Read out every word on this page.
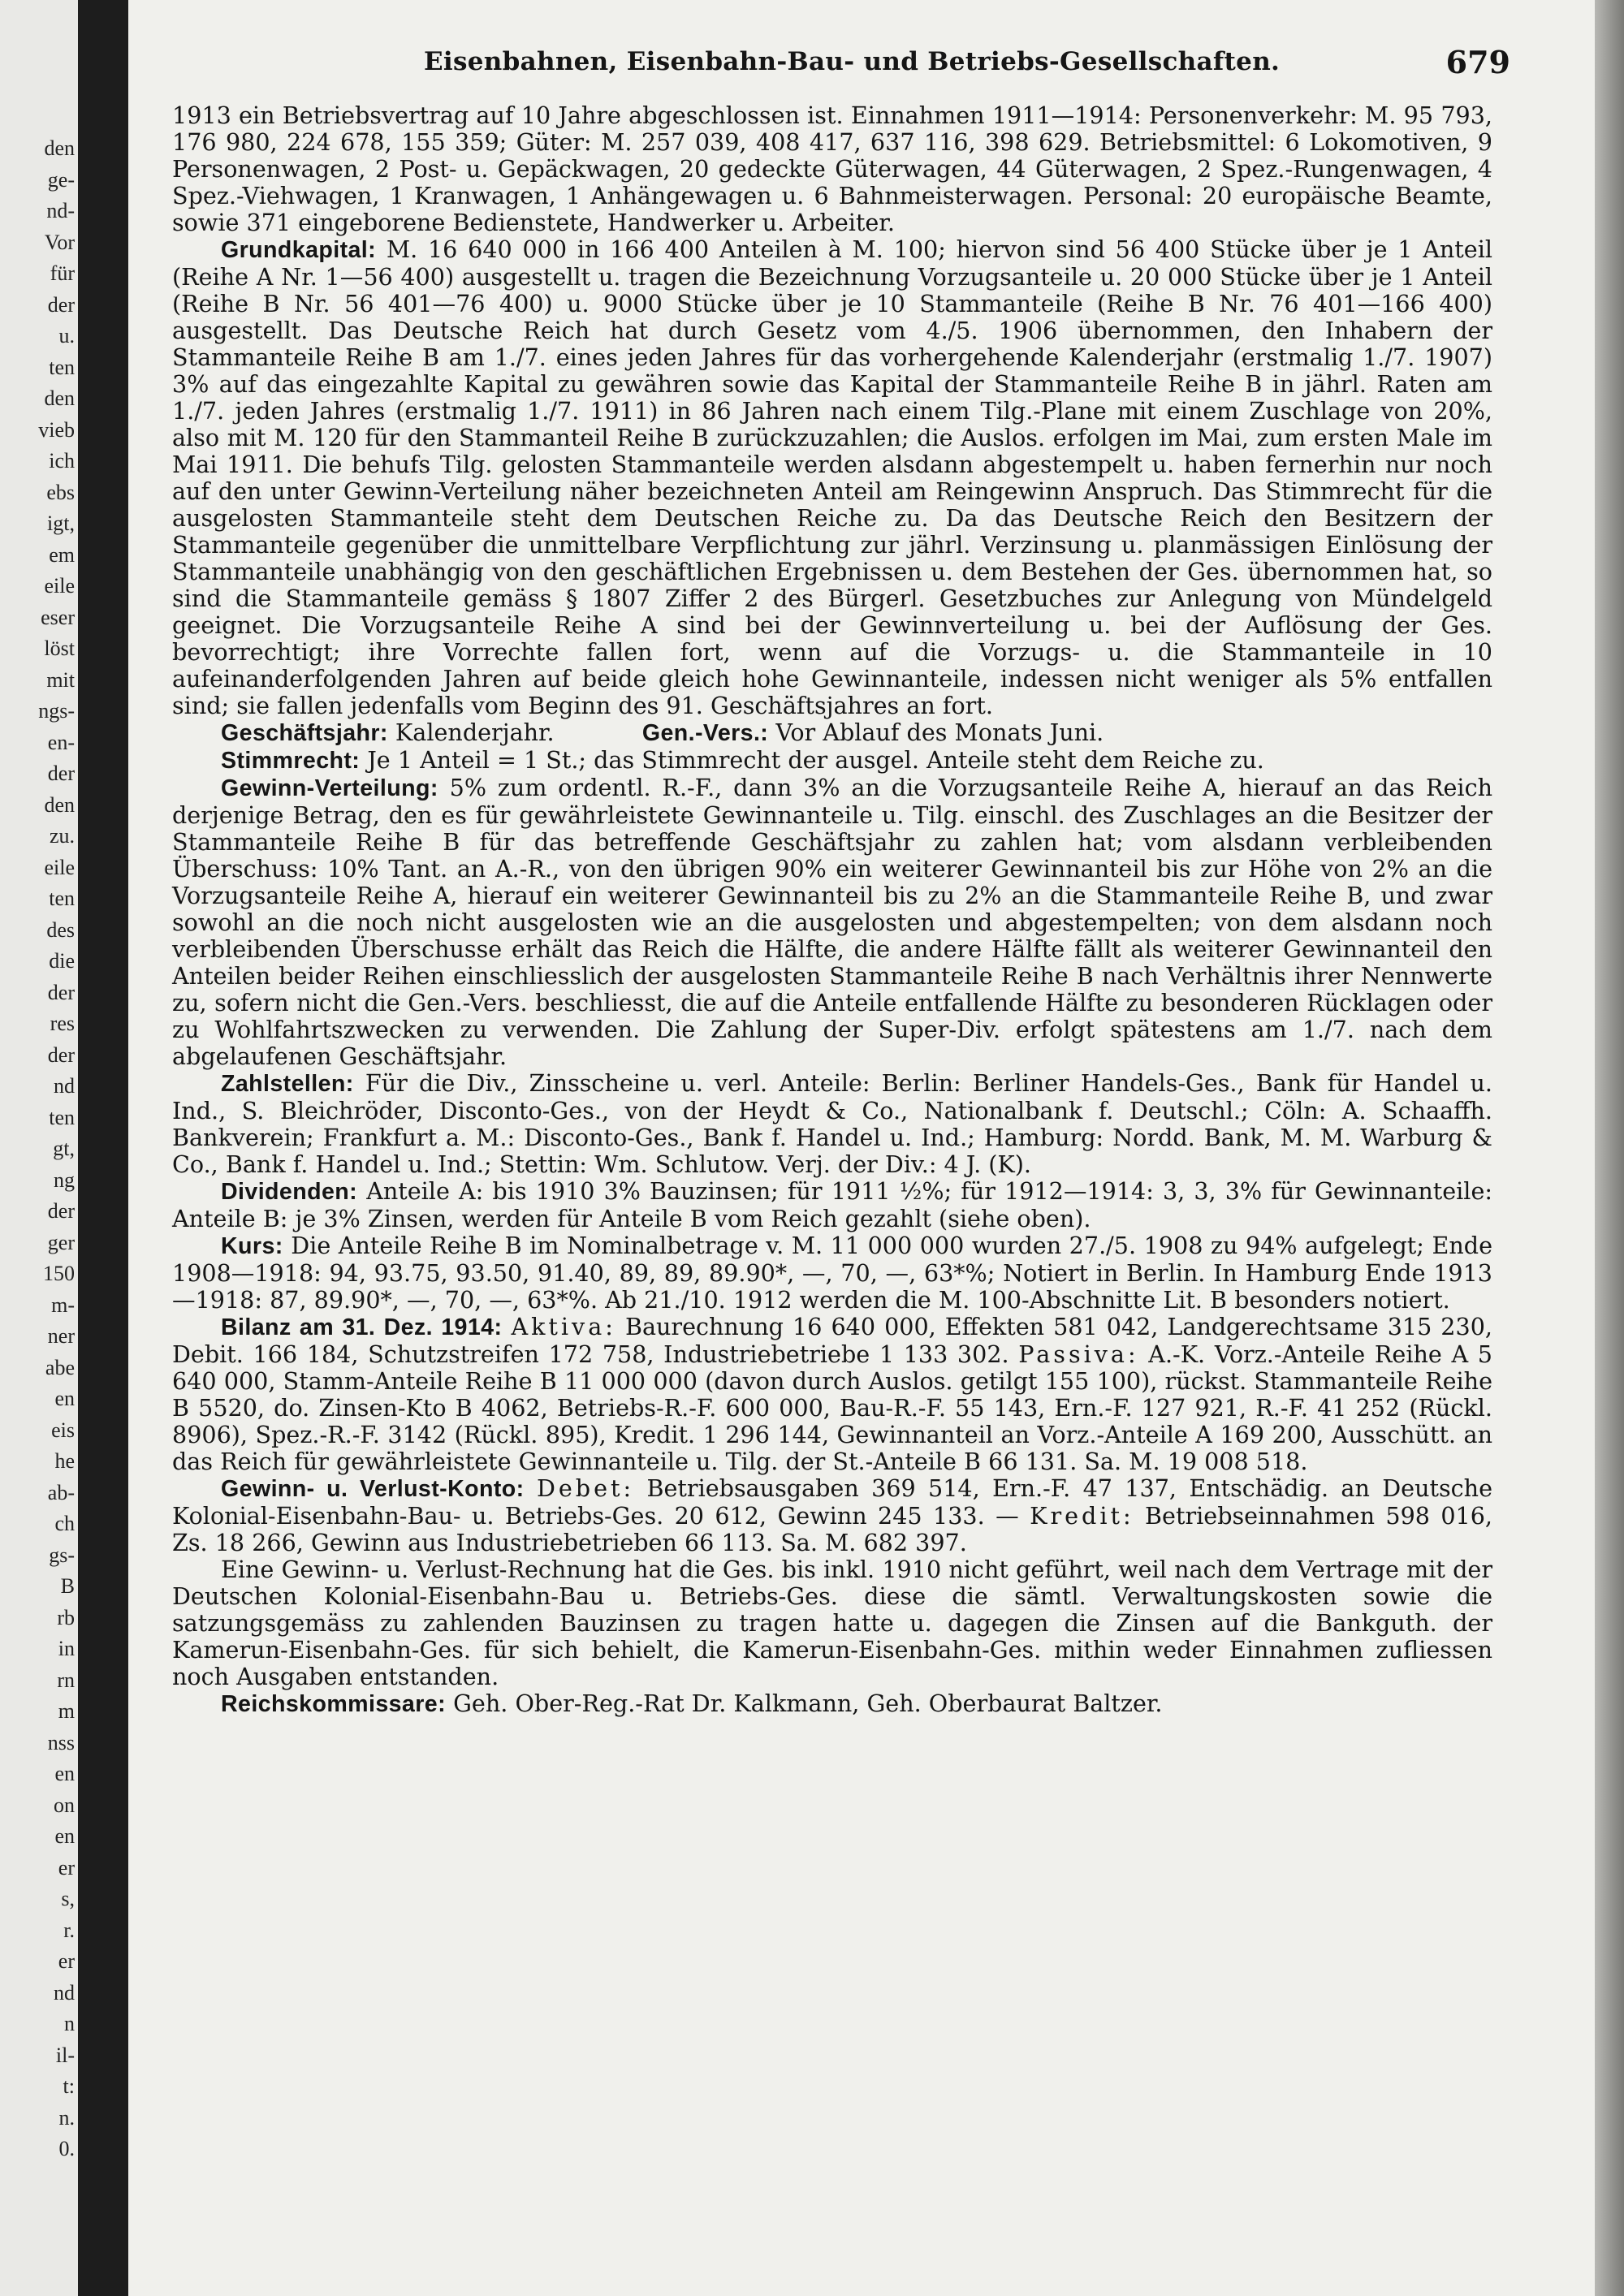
den
ge-
nd-
Vor
für
der
u.
ten
den
vieb
ich
ebs
igt,
em
eile
eser
löst
mit
ngs-
en-
der
den
zu.
eile
ten
des
die
der
res
der
nd
ten
gt,
ng
der
ger
150
m-
ner
abe
en
eis
he
ab-
ch
gs-
B
rb
in
rn
m
nss
en
on
en
er
s,
r.
er
nd
n
il-
t:
n.
0.
Eisenbahnen, Eisenbahn-Bau- und Betriebs-Gesellschaften.	679

1913 ein Betriebsvertrag auf 10 Jahre abgeschlossen ist. Einnahmen 1911—1914: Personenverkehr: M. 95 793, 176 980, 224 678, 155 359; Güter: M. 257 039, 408 417, 637 116, 398 629. Betriebsmittel: 6 Lokomotiven, 9 Personenwagen, 2 Post- u. Gepäckwagen, 20 gedeckte Güterwagen, 44 Güterwagen, 2 Spez.-Rungenwagen, 4 Spez.-Viehwagen, 1 Kranwagen, 1 Anhängewagen u. 6 Bahnmeisterwagen. Personal: 20 europäische Beamte, sowie 371 eingeborene Bedienstete, Handwerker u. Arbeiter.

Grundkapital: M. 16 640 000 in 166 400 Anteilen à M. 100; hiervon sind 56 400 Stücke über je 1 Anteil (Reihe A Nr. 1—56 400) ausgestellt u. tragen die Bezeichnung Vorzugsanteile u. 20 000 Stücke über je 1 Anteil (Reihe B Nr. 56 401—76 400) u. 9000 Stücke über je 10 Stammanteile (Reihe B Nr. 76 401—166 400) ausgestellt. Das Deutsche Reich hat durch Gesetz vom 4./5. 1906 übernommen, den Inhabern der Stammanteile Reihe B am 1./7. eines jeden Jahres für das vorhergehende Kalenderjahr (erstmalig 1./7. 1907) 3% auf das eingezahlte Kapital zu gewähren sowie das Kapital der Stammanteile Reihe B in jährl. Raten am 1./7. jeden Jahres (erstmalig 1./7. 1911) in 86 Jahren nach einem Tilg.-Plane mit einem Zuschlage von 20%, also mit M. 120 für den Stammanteil Reihe B zurückzuzahlen; die Auslos. erfolgen im Mai, zum ersten Male im Mai 1911. Die behufs Tilg. gelosten Stammanteile werden alsdann abgestempelt u. haben fernerhin nur noch auf den unter Gewinn-Verteilung näher bezeichneten Anteil am Reingewinn Anspruch. Das Stimmrecht für die ausgelosten Stammanteile steht dem Deutschen Reiche zu. Da das Deutsche Reich den Besitzern der Stammanteile gegenüber die unmittelbare Verpflichtung zur jährl. Verzinsung u. planmässigen Einlösung der Stammanteile unabhängig von den geschäftlichen Ergebnissen u. dem Bestehen der Ges. übernommen hat, so sind die Stammanteile gemäss § 1807 Ziffer 2 des Bürgerl. Gesetzbuches zur Anlegung von Mündelgeld geeignet. Die Vorzugsanteile Reihe A sind bei der Gewinnverteilung u. bei der Auflösung der Ges. bevorrechtigt; ihre Vorrechte fallen fort, wenn auf die Vorzugs- u. die Stammanteile in 10 aufeinanderfolgenden Jahren auf beide gleich hohe Gewinnanteile, indessen nicht weniger als 5% entfallen sind; sie fallen jedenfalls vom Beginn des 91. Geschäftsjahres an fort.

Geschäftsjahr: Kalenderjahr.	Gen.-Vers.: Vor Ablauf des Monats Juni.

Stimmrecht: Je 1 Anteil = 1 St.; das Stimmrecht der ausgel. Anteile steht dem Reiche zu.

Gewinn-Verteilung: 5% zum ordentl. R.-F., dann 3% an die Vorzugsanteile Reihe A, hierauf an das Reich derjenige Betrag, den es für gewährleistete Gewinnanteile u. Tilg. einschl. des Zuschlages an die Besitzer der Stammanteile Reihe B für das betreffende Geschäftsjahr zu zahlen hat; vom alsdann verbleibenden Überschuss: 10% Tant. an A.-R., von den übrigen 90% ein weiterer Gewinnanteil bis zur Höhe von 2% an die Vorzugsanteile Reihe A, hierauf ein weiterer Gewinnanteil bis zu 2% an die Stammanteile Reihe B, und zwar sowohl an die noch nicht ausgelosten wie an die ausgelosten und abgestempelten; von dem alsdann noch verbleibenden Überschusse erhält das Reich die Hälfte, die andere Hälfte fällt als weiterer Gewinnanteil den Anteilen beider Reihen einschliesslich der ausgelosten Stammanteile Reihe B nach Verhältnis ihrer Nennwerte zu, sofern nicht die Gen.-Vers. beschliesst, die auf die Anteile entfallende Hälfte zu besonderen Rücklagen oder zu Wohlfahrtszwecken zu verwenden. Die Zahlung der Super-Div. erfolgt spätestens am 1./7. nach dem abgelaufenen Geschäftsjahr.

Zahlstellen: Für die Div., Zinsscheine u. verl. Anteile: Berlin: Berliner Handels-Ges., Bank für Handel u. Ind., S. Bleichröder, Disconto-Ges., von der Heydt & Co., Nationalbank f. Deutschl.; Cöln: A. Schaaffh. Bankverein; Frankfurt a. M.: Disconto-Ges., Bank f. Handel u. Ind.; Hamburg: Nordd. Bank, M. M. Warburg & Co., Bank f. Handel u. Ind.; Stettin: Wm. Schlutow. Verj. der Div.: 4 J. (K).

Dividenden: Anteile A: bis 1910 3% Bauzinsen; für 1911 ½%; für 1912—1914: 3, 3, 3% für Gewinnanteile: Anteile B: je 3% Zinsen, werden für Anteile B vom Reich gezahlt (siehe oben).

Kurs: Die Anteile Reihe B im Nominalbetrage v. M. 11 000 000 wurden 27./5. 1908 zu 94% aufgelegt; Ende 1908—1918: 94, 93.75, 93.50, 91.40, 89, 89, 89.90*, —, 70, —, 63*%; Notiert in Berlin. In Hamburg Ende 1913—1918: 87, 89.90*, —, 70, —, 63*%. Ab 21./10. 1912 werden die M. 100-Abschnitte Lit. B besonders notiert.

Bilanz am 31. Dez. 1914: Aktiva: Baurechnung 16 640 000, Effekten 581 042, Landgerechtsame 315 230, Debit. 166 184, Schutzstreifen 172 758, Industriebetriebe 1 133 302. Passiva: A.-K. Vorz.-Anteile Reihe A 5 640 000, Stamm-Anteile Reihe B 11 000 000 (davon durch Auslos. getilgt 155 100), rückst. Stammanteile Reihe B 5520, do. Zinsen-Kto B 4062, Betriebs-R.-F. 600 000, Bau-R.-F. 55 143, Ern.-F. 127 921, R.-F. 41 252 (Rückl. 8906), Spez.-R.-F. 3142 (Rückl. 895), Kredit. 1 296 144, Gewinnanteil an Vorz.-Anteile A 169 200, Ausschütt. an das Reich für gewährleistete Gewinnanteile u. Tilg. der St.-Anteile B 66 131. Sa. M. 19 008 518.

Gewinn- u. Verlust-Konto: Debet: Betriebsausgaben 369 514, Ern.-F. 47 137, Entschädig. an Deutsche Kolonial-Eisenbahn-Bau- u. Betriebs-Ges. 20 612, Gewinn 245 133. — Kredit: Betriebseinnahmen 598 016, Zs. 18 266, Gewinn aus Industriebetrieben 66 113. Sa. M. 682 397.

Eine Gewinn- u. Verlust-Rechnung hat die Ges. bis inkl. 1910 nicht geführt, weil nach dem Vertrage mit der Deutschen Kolonial-Eisenbahn-Bau u. Betriebs-Ges. diese die sämtl. Verwaltungskosten sowie die satzungsgemäss zu zahlenden Bauzinsen zu tragen hatte u. dagegen die Zinsen auf die Bankguth. der Kamerun-Eisenbahn-Ges. für sich behielt, die Kamerun-Eisenbahn-Ges. mithin weder Einnahmen zufliessen noch Ausgaben entstanden.

Reichskommissare: Geh. Ober-Reg.-Rat Dr. Kalkmann, Geh. Oberbaurat Baltzer.
